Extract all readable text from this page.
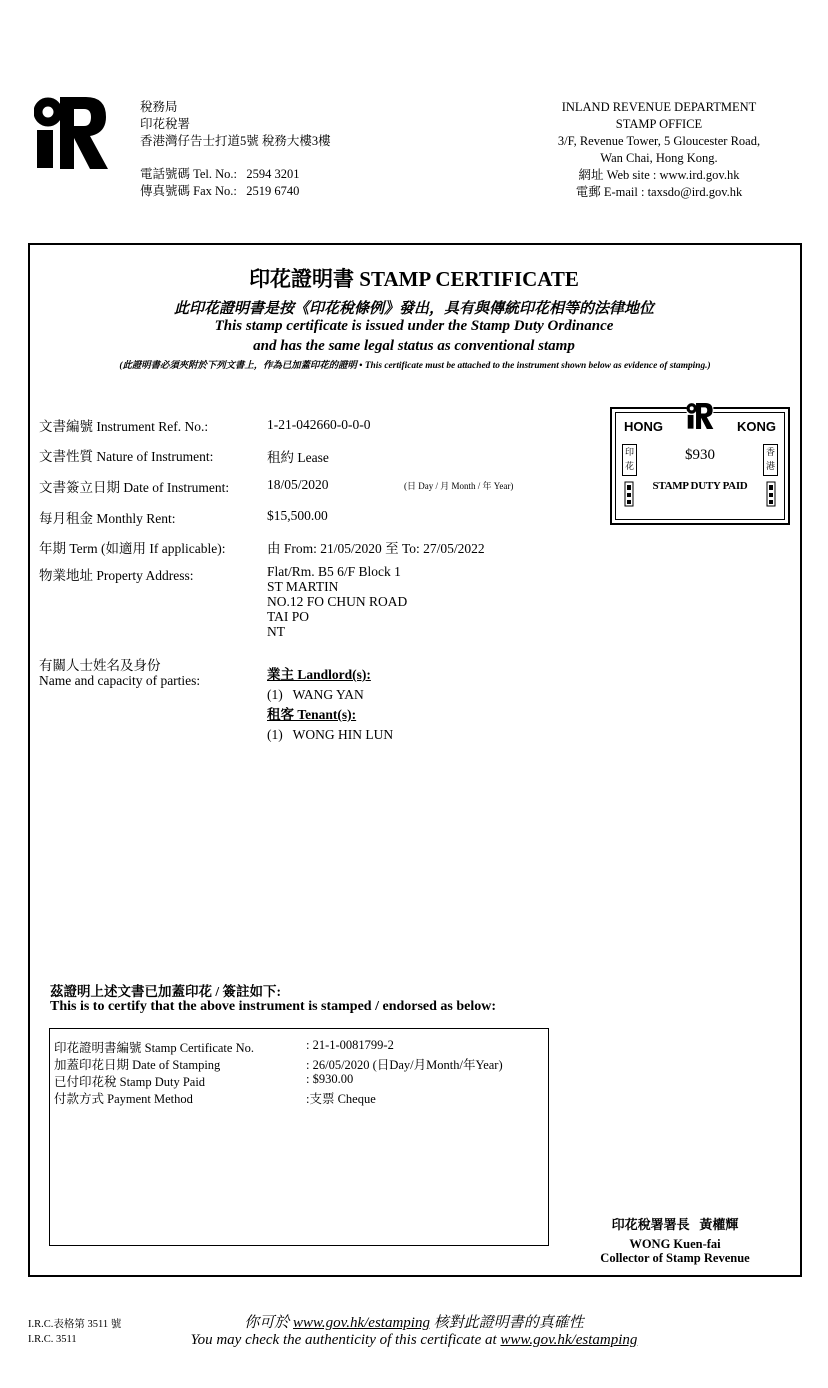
稅務局
印花稅署
香港灣仔告士打道5號 稅務大樓3樓
電話號碼 Tel. No.: 2594 3201
傳真號碼 Fax No.: 2519 6740
INLAND REVENUE DEPARTMENT
STAMP OFFICE
3/F, Revenue Tower, 5 Gloucester Road,
Wan Chai, Hong Kong.
網址 Web site : www.ird.gov.hk
電郵 E-mail : taxsdo@ird.gov.hk
印花證明書 STAMP CERTIFICATE
此印花證明書是按《印花稅條例》發出，具有與傳統印花相等的法律地位
This stamp certificate is issued under the Stamp Duty Ordinance
and has the same legal status as conventional stamp
(此證明書必須夾附於下列文書上，作為已加蓋印花的證明 • This certificate must be attached to the instrument shown below as evidence of stamping.)
文書編號 Instrument Ref. No.:	1-21-042660-0-0-0
文書性質 Nature of Instrument:	租約 Lease
文書簽立日期 Date of Instrument:	18/05/2020	(日 Day / 月 Month / 年 Year)
每月租金 Monthly Rent:	$15,500.00
年期 Term (如適用 If applicable):	由 From: 21/05/2020 至 To: 27/05/2022
物業地址 Property Address:	Flat/Rm. B5 6/F Block 1
ST MARTIN
NO.12 FO CHUN ROAD
TAI PO
NT
有關人士姓名及身份
Name and capacity of parties:	業主 Landlord(s):
(1)   WANG YAN
租客 Tenant(s):
(1)   WONG HIN LUN
HONG	KONG
印花
香港
$930
STAMP DUTY PAID
茲證明上述文書已加蓋印花 / 簽註如下:
This is to certify that the above instrument is stamped / endorsed as below:
印花證明書編號 Stamp Certificate No.	: 21-1-0081799-2
加蓋印花日期 Date of Stamping	: 26/05/2020 (日Day/月Month/年Year)
已付印花稅 Stamp Duty Paid	: $930.00
付款方式 Payment Method	:支票 Cheque
印花稅署署長   黃權輝
WONG Kuen-fai
Collector of Stamp Revenue
I.R.C.表格第 3511 號
I.R.C. 3511
你可於 www.gov.hk/estamping 核對此證明書的真確性
You may check the authenticity of this certificate at www.gov.hk/estamping
